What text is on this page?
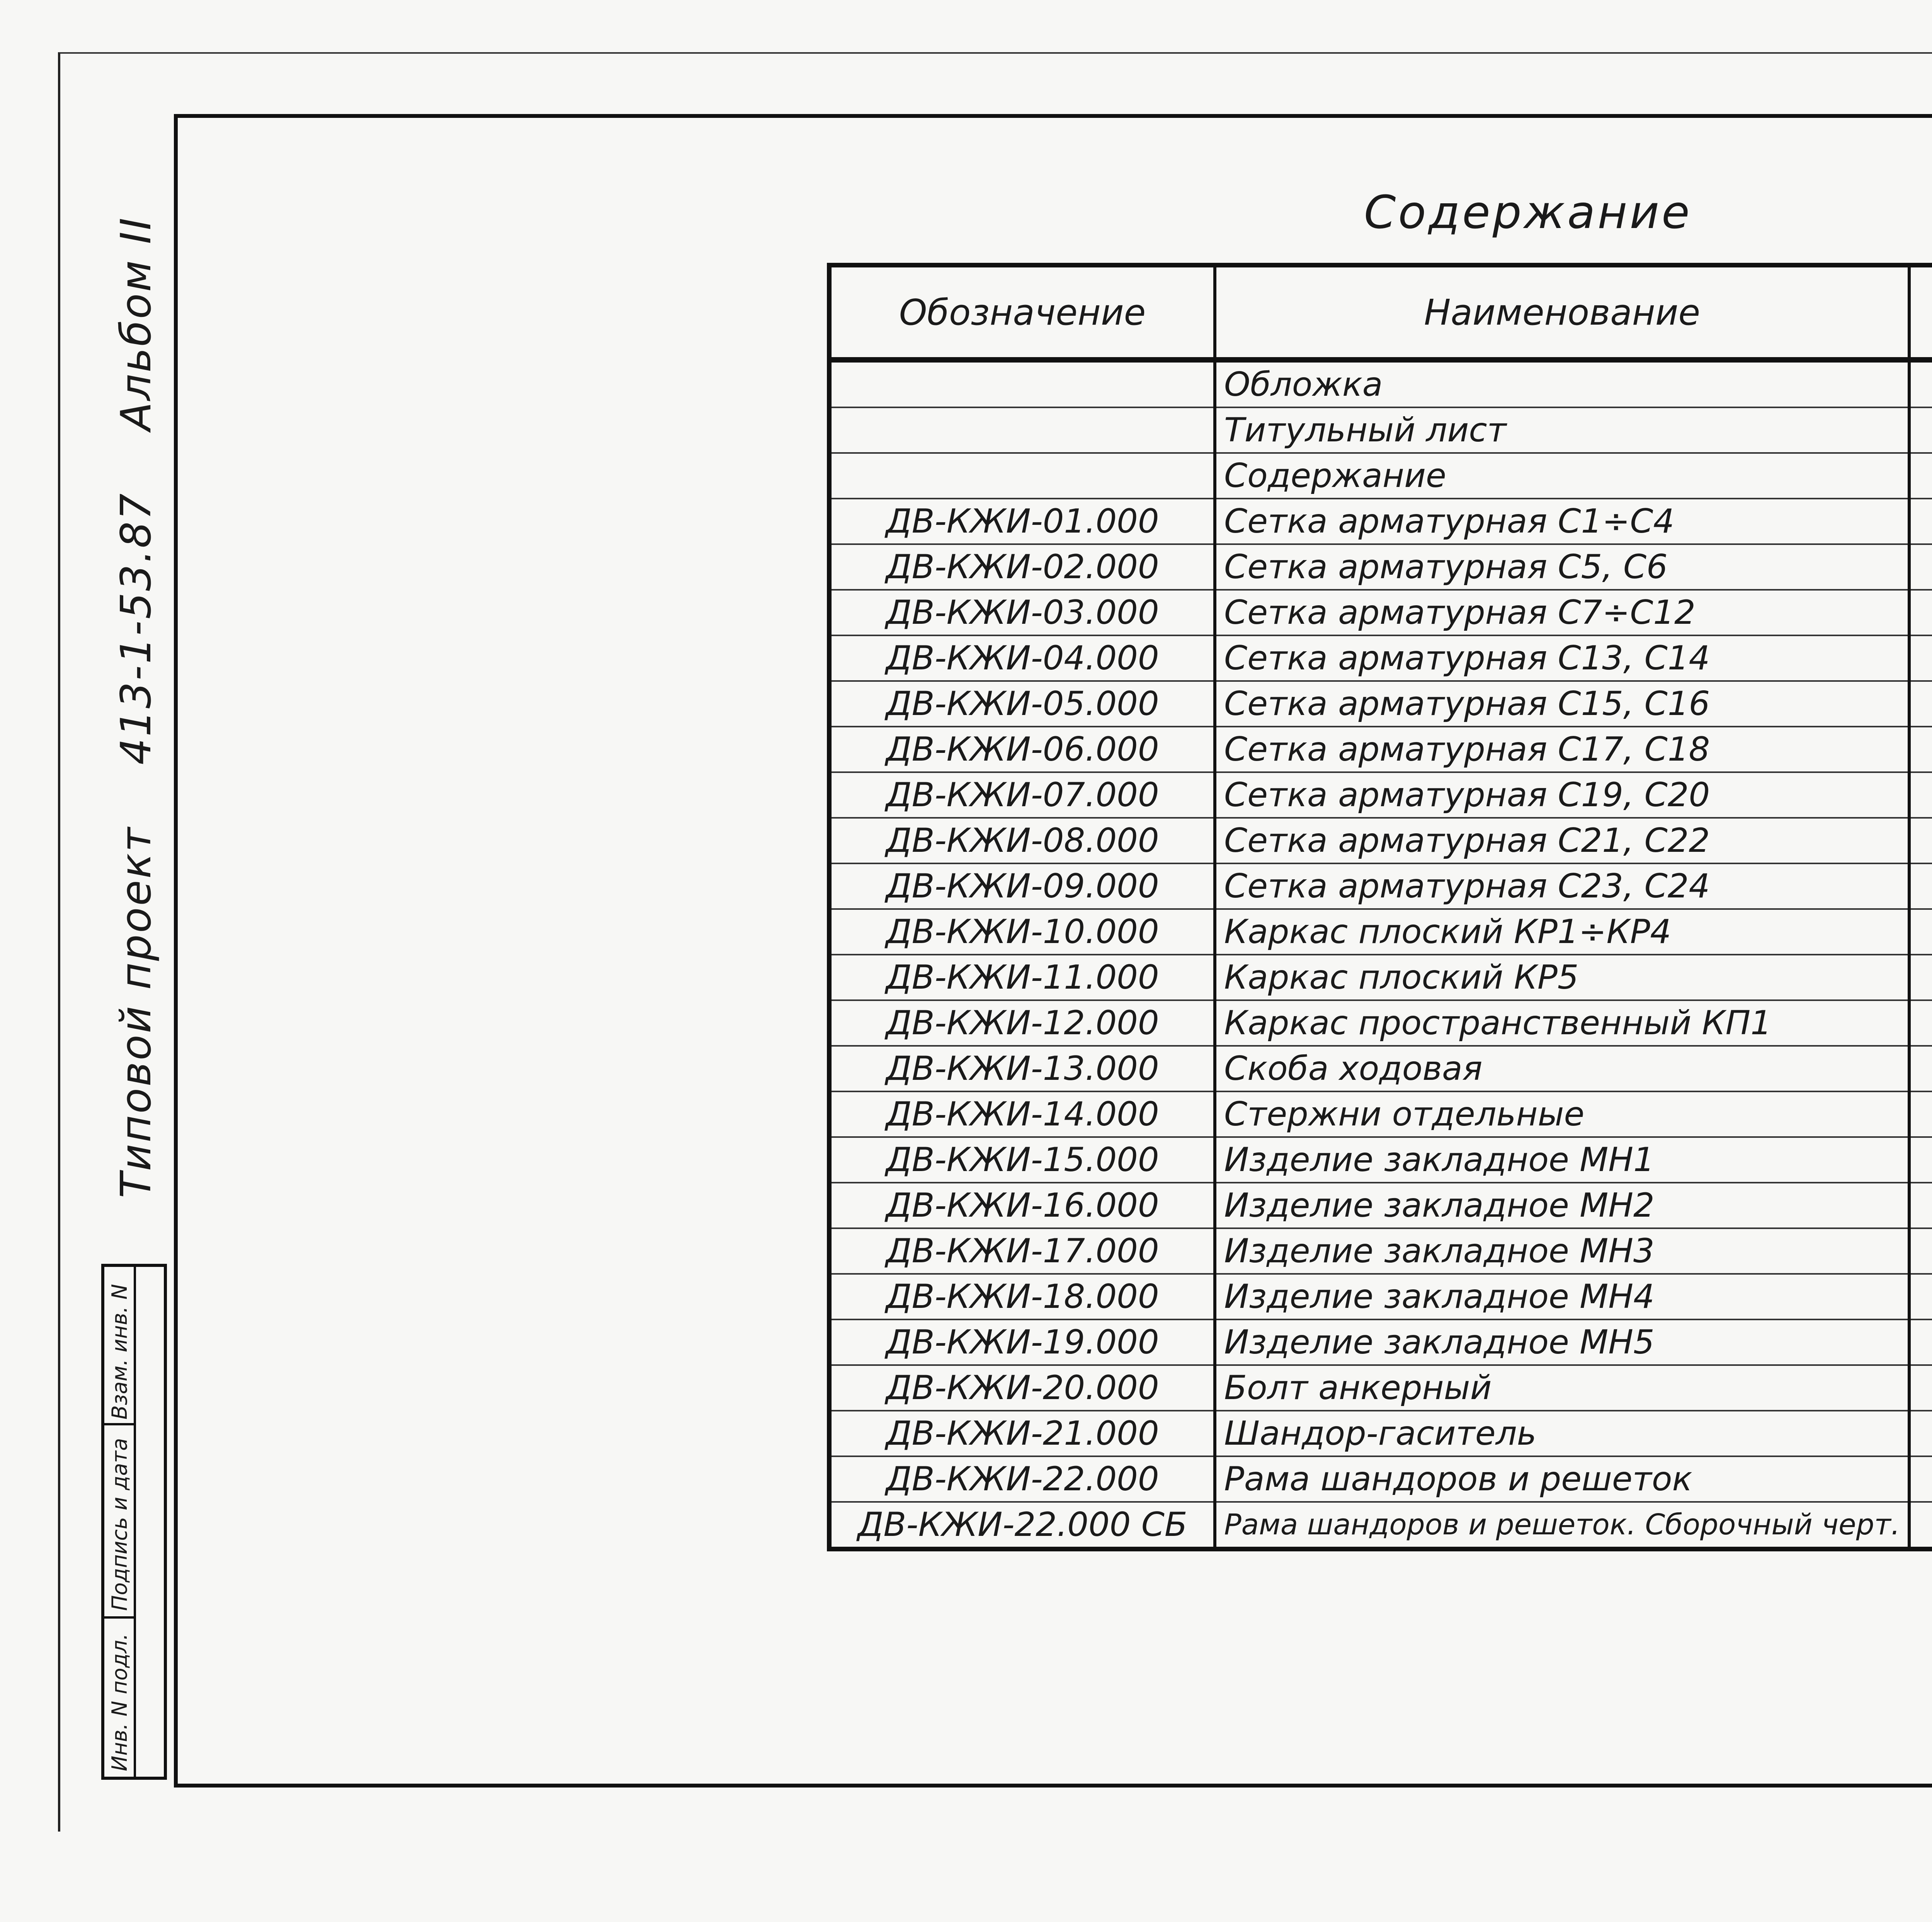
Содержание
Обозначение	Наименование	
	Обложка	
	Титульный лист	
	Содержание	
ДВ-КЖИ-01.000	Сетка арматурная С1÷С4	
ДВ-КЖИ-02.000	Сетка арматурная С5, С6	
ДВ-КЖИ-03.000	Сетка арматурная С7÷С12	
ДВ-КЖИ-04.000	Сетка арматурная С13, С14	
ДВ-КЖИ-05.000	Сетка арматурная С15, С16	
ДВ-КЖИ-06.000	Сетка арматурная С17, С18	
ДВ-КЖИ-07.000	Сетка арматурная С19, С20	
ДВ-КЖИ-08.000	Сетка арматурная С21, С22	
ДВ-КЖИ-09.000	Сетка арматурная С23, С24	
ДВ-КЖИ-10.000	Каркас плоский КР1÷КР4	
ДВ-КЖИ-11.000	Каркас плоский КР5	
ДВ-КЖИ-12.000	Каркас пространственный КП1	
ДВ-КЖИ-13.000	Скоба ходовая	
ДВ-КЖИ-14.000	Стержни отдельные	
ДВ-КЖИ-15.000	Изделие закладное МН1	
ДВ-КЖИ-16.000	Изделие закладное МН2	
ДВ-КЖИ-17.000	Изделие закладное МН3	
ДВ-КЖИ-18.000	Изделие закладное МН4	
ДВ-КЖИ-19.000	Изделие закладное МН5	
ДВ-КЖИ-20.000	Болт анкерный	
ДВ-КЖИ-21.000	Шандор-гаситель	
ДВ-КЖИ-22.000	Рама шандоров и решеток	
ДВ-КЖИ-22.000 СБ	Рама шандоров и решеток. Сборочный черт.	
Типовой проект 413-1-53.87 Альбом II
Взам. инв. N
Подпись и дата
Инв. N подл.
